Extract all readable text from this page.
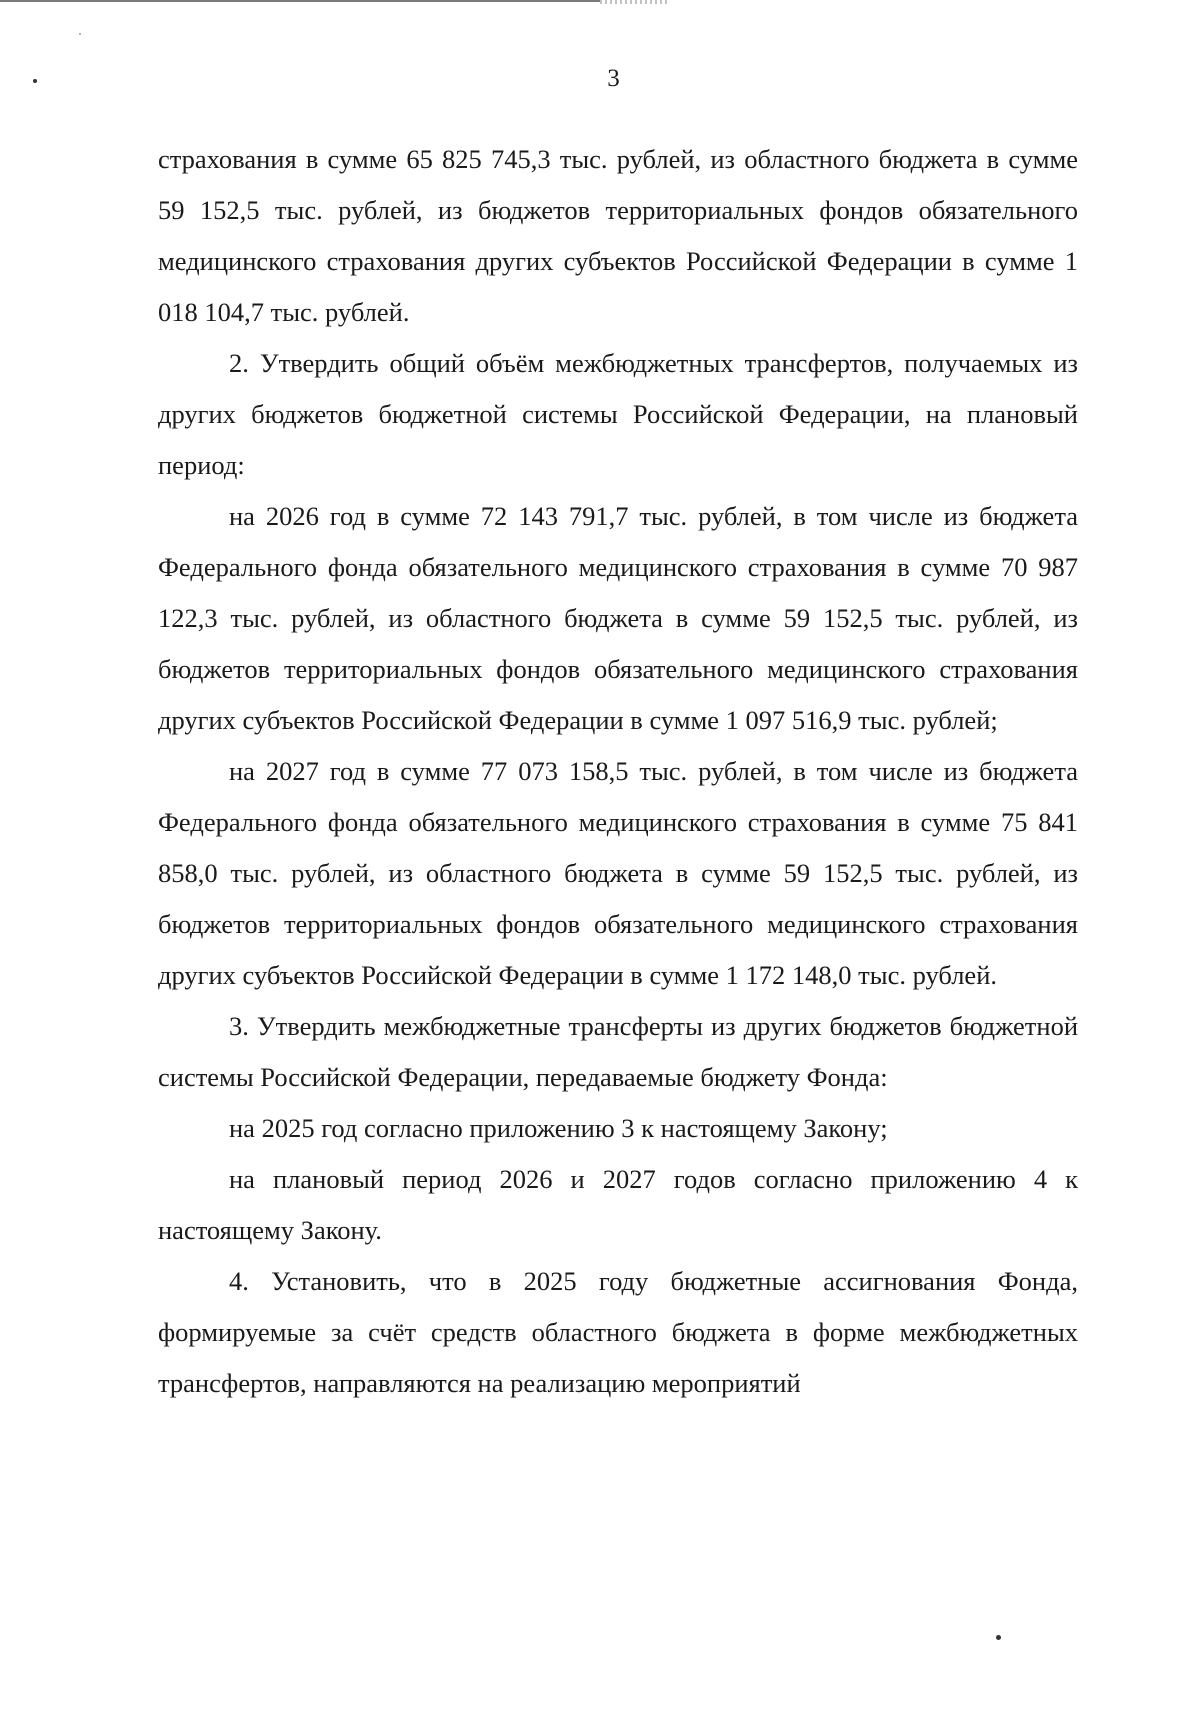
3

страхования в сумме 65 825 745,3 тыс. рублей, из областного бюджета в сумме 59 152,5 тыс. рублей, из бюджетов территориальных фондов обязательного медицинского страхования других субъектов Российской Федерации в сумме 1 018 104,7 тыс. рублей.

2. Утвердить общий объём межбюджетных трансфертов, получаемых из других бюджетов бюджетной системы Российской Федерации, на плановый период:

на 2026 год в сумме 72 143 791,7 тыс. рублей, в том числе из бюджета Федерального фонда обязательного медицинского страхования в сумме 70 987 122,3 тыс. рублей, из областного бюджета в сумме 59 152,5 тыс. рублей, из бюджетов территориальных фондов обязательного медицинского страхования других субъектов Российской Федерации в сумме 1 097 516,9 тыс. рублей;

на 2027 год в сумме 77 073 158,5 тыс. рублей, в том числе из бюджета Федерального фонда обязательного медицинского страхования в сумме 75 841 858,0 тыс. рублей, из областного бюджета в сумме 59 152,5 тыс. рублей, из бюджетов территориальных фондов обязательного медицинского страхования других субъектов Российской Федерации в сумме 1 172 148,0 тыс. рублей.

3. Утвердить межбюджетные трансферты из других бюджетов бюджетной системы Российской Федерации, передаваемые бюджету Фонда:

на 2025 год согласно приложению 3 к настоящему Закону;

на плановый период 2026 и 2027 годов согласно приложению 4 к настоящему Закону.

4. Установить, что в 2025 году бюджетные ассигнования Фонда, формируемые за счёт средств областного бюджета в форме межбюджетных трансфертов, направляются на реализацию мероприятий
